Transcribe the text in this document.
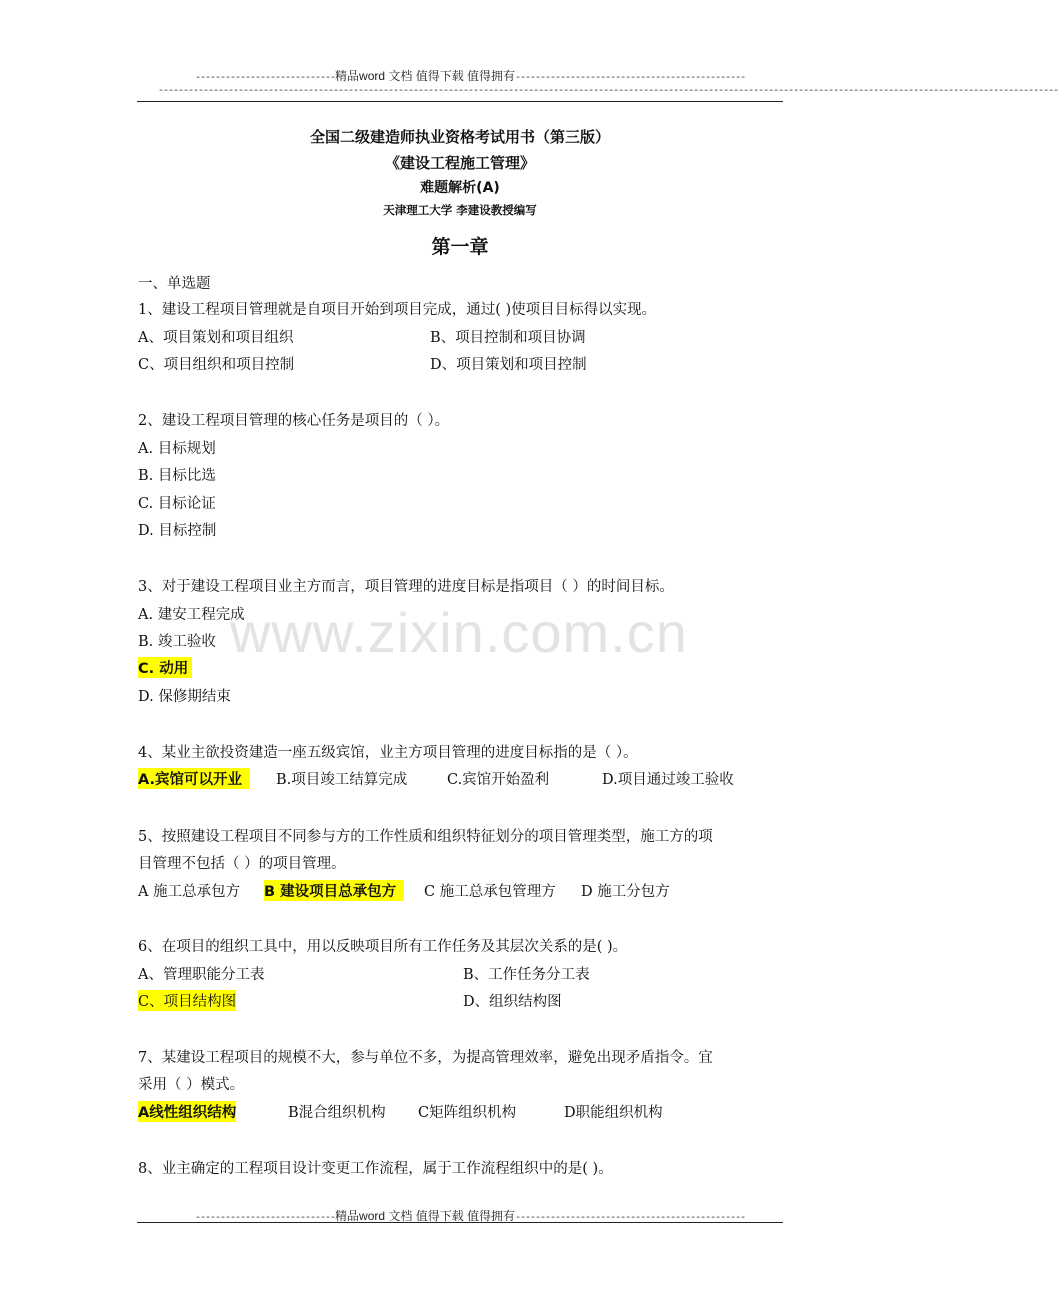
----------------------------精品word 文档 值得下载 值得拥有----------------------------------------------
------------------------------------------------------------------------------------------------------------------------------------------------------------------------------------
全国二级建造师执业资格考试用书（第三版）
《建设工程施工管理》
难题解析(A)
天津理工大学 李建设教授编写
第一章
www.zixin.com.cn
一、单选题
1、建设工程项目管理就是自项目开始到项目完成，通过( )使项目目标得以实现。
A、项目策划和项目组织	B、项目控制和项目协调
C、项目组织和项目控制	D、项目策划和项目控制
2、建设工程项目管理的核心任务是项目的（ ）。
A. 目标规划
B. 目标比选
C. 目标论证
D. 目标控制
3、对于建设工程项目业主方而言，项目管理的进度目标是指项目（ ）的时间目标。
A. 建安工程完成
B. 竣工验收
C. 动用
D. 保修期结束
4、某业主欲投资建造一座五级宾馆，业主方项目管理的进度目标指的是（ ）。
A.宾馆可以开业	B.项目竣工结算完成	C.宾馆开始盈利	D.项目通过竣工验收
5、按照建设工程项目不同参与方的工作性质和组织特征划分的项目管理类型，施工方的项
目管理不包括（ ）的项目管理。
A 施工总承包方 B 建设项目总承包方	C 施工总承包管理方 D 施工分包方
6、在项目的组织工具中，用以反映项目所有工作任务及其层次关系的是( )。
A、管理职能分工表	B、工作任务分工表
C、项目结构图	D、组织结构图
7、某建设工程项目的规模不大，参与单位不多，为提高管理效率，避免出现矛盾指令。宜
采用（ ）模式。
A线性组织结构	B混合组织机构 C矩阵组织机构	D职能组织机构
8、业主确定的工程项目设计变更工作流程，属于工作流程组织中的是( )。
----------------------------精品word 文档 值得下载 值得拥有----------------------------------------------
